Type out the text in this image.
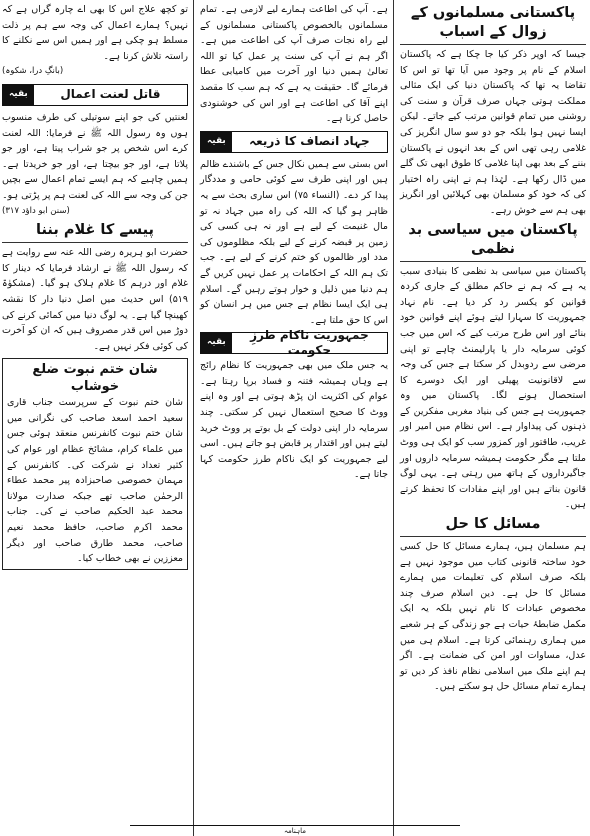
پاکستانی مسلمانوں کے زوال کے اسباب

جیسا کہ اوپر ذکر کیا جا چکا ہے کہ پاکستان اسلام کے نام پر وجود میں آیا تھا تو اس کا تقاضا یہ تھا کہ پاکستان دنیا کی ایک مثالی مملکت ہوتی جہاں صرف قرآن و سنت کی روشنی میں تمام قوانین مرتب کیے جاتے۔ لیکن ایسا نہیں ہوا بلکہ جو دو سو سال انگریز کی غلامی رہی تھی اس کے بعد انہوں نے پاکستان بننے کے بعد بھی اپنا غلامی کا طوق ابھی تک گلے میں ڈال رکھا ہے۔ لہٰذا ہم نے اپنی راہ اختیار کی کہ خود کو مسلمان بھی کہلائیں اور انگریز بھی ہم سے خوش رہے۔

پاکستان میں سیاسی بد نظمی

پاکستان میں سیاسی بد نظمی کا بنیادی سبب یہ ہے کہ ہم نے حاکم مطلق کے جاری کردہ قوانین کو یکسر رد کر دیا ہے۔ نام نہاد جمہوریت کا سہارا لیتے ہوئے اپنے قوانین خود بنائے اور اس طرح مرتب کیے کہ اس میں جب کوئی سرمایہ دار یا پارلیمنٹ چاہے تو اپنی مرضی سے ردوبدل کر سکتا ہے جس کی وجہ سے لاقانونیت پھیلی اور ایک دوسرے کا استحصال ہونے لگا۔ پاکستان میں وہ جمہوریت ہے جس کی بنیاد مغربی مفکرین کے ذہنوں کی پیداوار ہے۔ اس نظام میں امیر اور غریب، طاقتور اور کمزور سب کو ایک ہی ووٹ ملتا ہے مگر حکومت ہمیشہ سرمایہ داروں اور جاگیرداروں کے ہاتھ میں رہتی ہے۔ یہی لوگ قانون بناتے ہیں اور اپنے مفادات کا تحفظ کرتے ہیں۔

مسائل کا حل

ہم مسلمان ہیں، ہمارے مسائل کا حل کسی خود ساختہ قانونی کتاب میں موجود نہیں ہے بلکہ صرف اسلام کی تعلیمات میں ہمارے مسائل کا حل ہے۔ دین اسلام صرف چند مخصوص عبادات کا نام نہیں بلکہ یہ ایک مکمل ضابطۂ حیات ہے جو زندگی کے ہر شعبے میں ہماری رہنمائی کرتا ہے۔ اسلام ہی میں عدل، مساوات اور امن کی ضمانت ہے۔ اگر ہم اپنے ملک میں اسلامی نظام نافذ کر دیں تو ہمارے تمام مسائل حل ہو سکتے ہیں۔

ہے۔ آپ کی اطاعت ہمارے لیے لازمی ہے۔ تمام مسلمانوں بالخصوص پاکستانی مسلمانوں کے لیے راہ نجات صرف آپ کی اطاعت میں ہے۔ اگر ہم نے آپ کی سنت پر عمل کیا تو اللہ تعالیٰ ہمیں دنیا اور آخرت میں کامیابی عطا فرمائے گا۔ حقیقت یہ ہے کہ ہم سب کا مقصد اپنے آقا کی اطاعت ہے اور اس کی خوشنودی حاصل کرنا ہے۔

بقیہ	جہاد انصاف کا ذریعہ

اس بستی سے ہمیں نکال جس کے باشندے ظالم ہیں اور اپنی طرف سے کوئی حامی و مددگار پیدا کر دے۔ (النساء ۷۵) اس ساری بحث سے یہ ظاہر ہو گیا کہ اللہ کی راہ میں جہاد نہ تو مال غنیمت کے لیے ہے اور نہ ہی کسی کی زمین پر قبضہ کرنے کے لیے بلکہ مظلوموں کی مدد اور ظالموں کو ختم کرنے کے لیے ہے۔ جب تک ہم اللہ کے احکامات پر عمل نہیں کریں گے ہم دنیا میں ذلیل و خوار ہوتے رہیں گے۔ اسلام ہی ایک ایسا نظام ہے جس میں ہر انسان کو اس کا حق ملتا ہے۔

بقیہ
جمہوریت ناکام طرزِ حکومت

یہ جس ملک میں بھی جمہوریت کا نظام رائج ہے وہاں ہمیشہ فتنہ و فساد برپا رہتا ہے۔ عوام کی اکثریت ان پڑھ ہوتی ہے اور وہ اپنے ووٹ کا صحیح استعمال نہیں کر سکتی۔ چند سرمایہ دار اپنی دولت کے بل بوتے پر ووٹ خرید لیتے ہیں اور اقتدار پر قابض ہو جاتے ہیں۔ اسی لیے جمہوریت کو ایک ناکام طرز حکومت کہا جاتا ہے۔

تو کچھ علاج اس کا بھی اے چارہ گراں ہے کہ نہیں؟ ہمارے اعمال کی وجہ سے ہم پر ذلت مسلط ہو چکی ہے اور ہمیں اس سے نکلنے کا راستہ تلاش کرنا ہے۔

(بانگِ درا، شکوہ)

بقیہ	قاتل لعنت اعمال

لعنتیں کی جو اپنے سوتیلی کی طرف منسوب ہوں وہ رسول اللہ ﷺ نے فرمایا: اللہ لعنت کرے اس شخص پر جو شراب پیتا ہے، اور جو پلاتا ہے، اور جو بیچتا ہے، اور جو خریدتا ہے۔ ہمیں چاہیے کہ ہم ایسے تمام اعمال سے بچیں جن کی وجہ سے اللہ کی لعنت ہم پر پڑتی ہو۔

(سنن ابو داؤد ۳۱۷)

پیسے کا غلام بننا

حضرت ابو ہریرہ رضی اللہ عنہ سے روایت ہے کہ رسول اللہ ﷺ نے ارشاد فرمایا کہ دینار کا غلام اور درہم کا غلام ہلاک ہو گیا۔ (مشکوٰۃ ۵۱۹) اس حدیث میں اصل دنیا دار کا نقشہ کھینچا گیا ہے۔ یہ لوگ دنیا میں کمائی کرنے کی دوڑ میں اس قدر مصروف ہیں کہ ان کو آخرت کی کوئی فکر نہیں ہے۔

شان ختم نبوت ضلع خوشاب

شان ختم نبوت کے سرپرست جناب قاری سعید احمد اسعد صاحب کی نگرانی میں شان ختم نبوت کانفرنس منعقد ہوئی جس میں علماء کرام، مشائخ عظام اور عوام کی کثیر تعداد نے شرکت کی۔ کانفرنس کے مہمان خصوصی صاحبزادہ پیر محمد عطاء الرحمٰن صاحب تھے جبکہ صدارت مولانا محمد عبد الحکیم صاحب نے کی۔ جناب محمد اکرم صاحب، حافظ محمد نعیم صاحب، محمد طارق صاحب اور دیگر معززین نے بھی خطاب کیا۔

ماہنامہ
